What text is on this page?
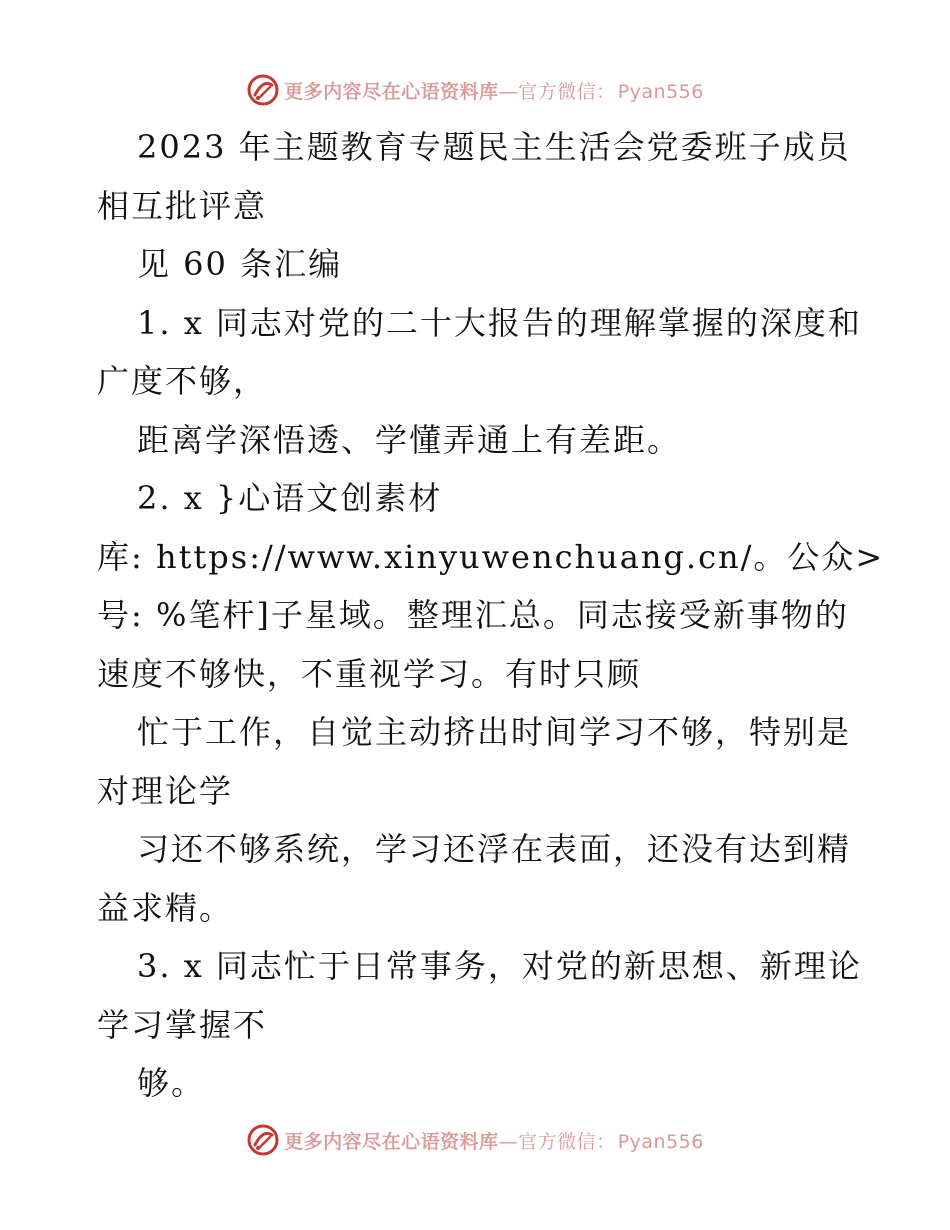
更多内容尽在心语资料库—官方微信： Pyan556
2023 年主题教育专题民主生活会党委班子成员
相互批评意
见 60 条汇编
1. x 同志对党的二十大报告的理解掌握的深度和
广度不够，
距离学深悟透、学懂弄通上有差距。
2. x }心语文创素材
库: https://www.xinyuwenchuang.cn/。公众>
号: %笔杆]子星域。整理汇总。同志接受新事物的
速度不够快，不重视学习。有时只顾
忙于工作，自觉主动挤出时间学习不够，特别是
对理论学
习还不够系统，学习还浮在表面，还没有达到精
益求精。
3. x 同志忙于日常事务，对党的新思想、新理论
学习掌握不
够。
更多内容尽在心语资料库—官方微信： Pyan556
